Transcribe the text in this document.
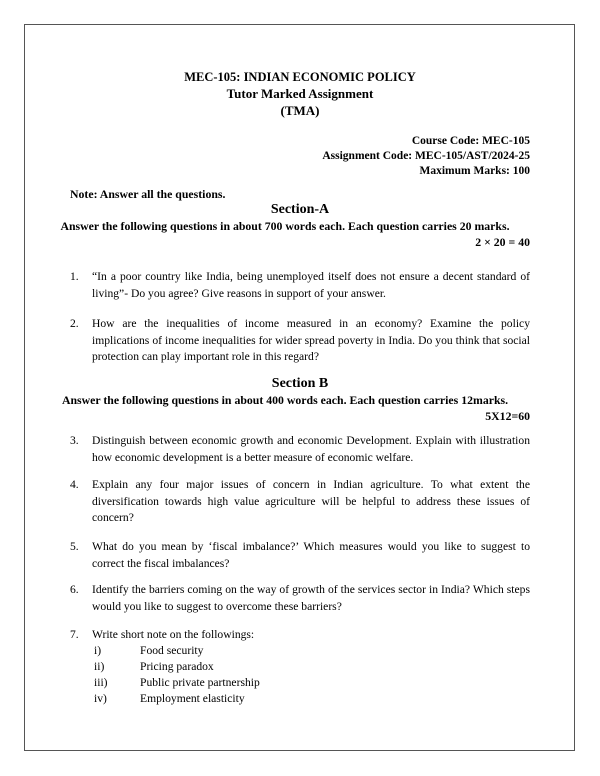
MEC-105: INDIAN ECONOMIC POLICY
Tutor Marked Assignment
(TMA)
Course Code: MEC-105
Assignment Code: MEC-105/AST/2024-25
Maximum Marks: 100
Note: Answer all the questions.
Section-A
Answer the following questions in about 700 words each. Each question carries 20 marks.
2 × 20 = 40
1. “In a poor country like India, being unemployed itself does not ensure a decent standard of living”- Do you agree? Give reasons in support of your answer.
2. How are the inequalities of income measured in an economy? Examine the policy implications of income inequalities for wider spread poverty in India. Do you think that social protection can play important role in this regard?
Section B
Answer the following questions in about 400 words each. Each question carries 12marks.
5X12=60
3. Distinguish between economic growth and economic Development. Explain with illustration how economic development is a better measure of economic welfare.
4. Explain any four major issues of concern in Indian agriculture. To what extent the diversification towards high value agriculture will be helpful to address these issues of concern?
5. What do you mean by ‘fiscal imbalance?’ Which measures would you like to suggest to correct the fiscal imbalances?
6. Identify the barriers coming on the way of growth of the services sector in India? Which steps would you like to suggest to overcome these barriers?
7. Write short note on the followings:
i)	Food security
ii)	Pricing paradox
iii)	Public private partnership
iv)	Employment elasticity
